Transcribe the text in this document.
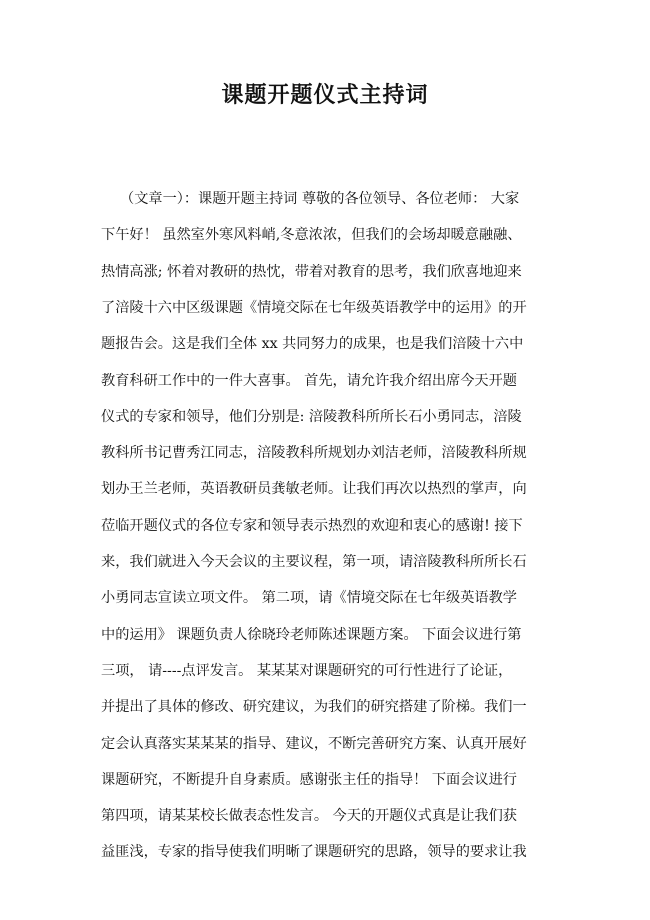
课题开题仪式主持词
（文章一）：课题开题主持词 尊敬的各位领导、各位老师： 大家
下午好！ 虽然室外寒风料峭,冬意浓浓，但我们的会场却暖意融融、
热情高涨; 怀着对教研的热忱，带着对教育的思考，我们欣喜地迎来
了涪陵十六中区级课题《情境交际在七年级英语教学中的运用》的开
题报告会。这是我们全体 xx 共同努力的成果，也是我们涪陵十六中
教育科研工作中的一件大喜事。 首先，请允许我介绍出席今天开题
仪式的专家和领导，他们分别是: 涪陵教科所所长石小勇同志，涪陵
教科所书记曹秀江同志，涪陵教科所规划办刘洁老师，涪陵教科所规
划办王兰老师，英语教研员龚敏老师。让我们再次以热烈的掌声，向
莅临开题仪式的各位专家和领导表示热烈的欢迎和衷心的感谢! 接下
来，我们就进入今天会议的主要议程，第一项，请涪陵教科所所长石
小勇同志宣读立项文件。 第二项，请《情境交际在七年级英语教学
中的运用》 课题负责人徐晓玲老师陈述课题方案。 下面会议进行第
三项， 请----点评发言。 某某某对课题研究的可行性进行了论证，
并提出了具体的修改、研究建议，为我们的研究搭建了阶梯。我们一
定会认真落实某某某的指导、建议，不断完善研究方案、认真开展好
课题研究，不断提升自身素质。感谢张主任的指导！ 下面会议进行
第四项，请某某校长做表态性发言。 今天的开题仪式真是让我们获
益匪浅，专家的指导使我们明晰了课题研究的思路，领导的要求让我
